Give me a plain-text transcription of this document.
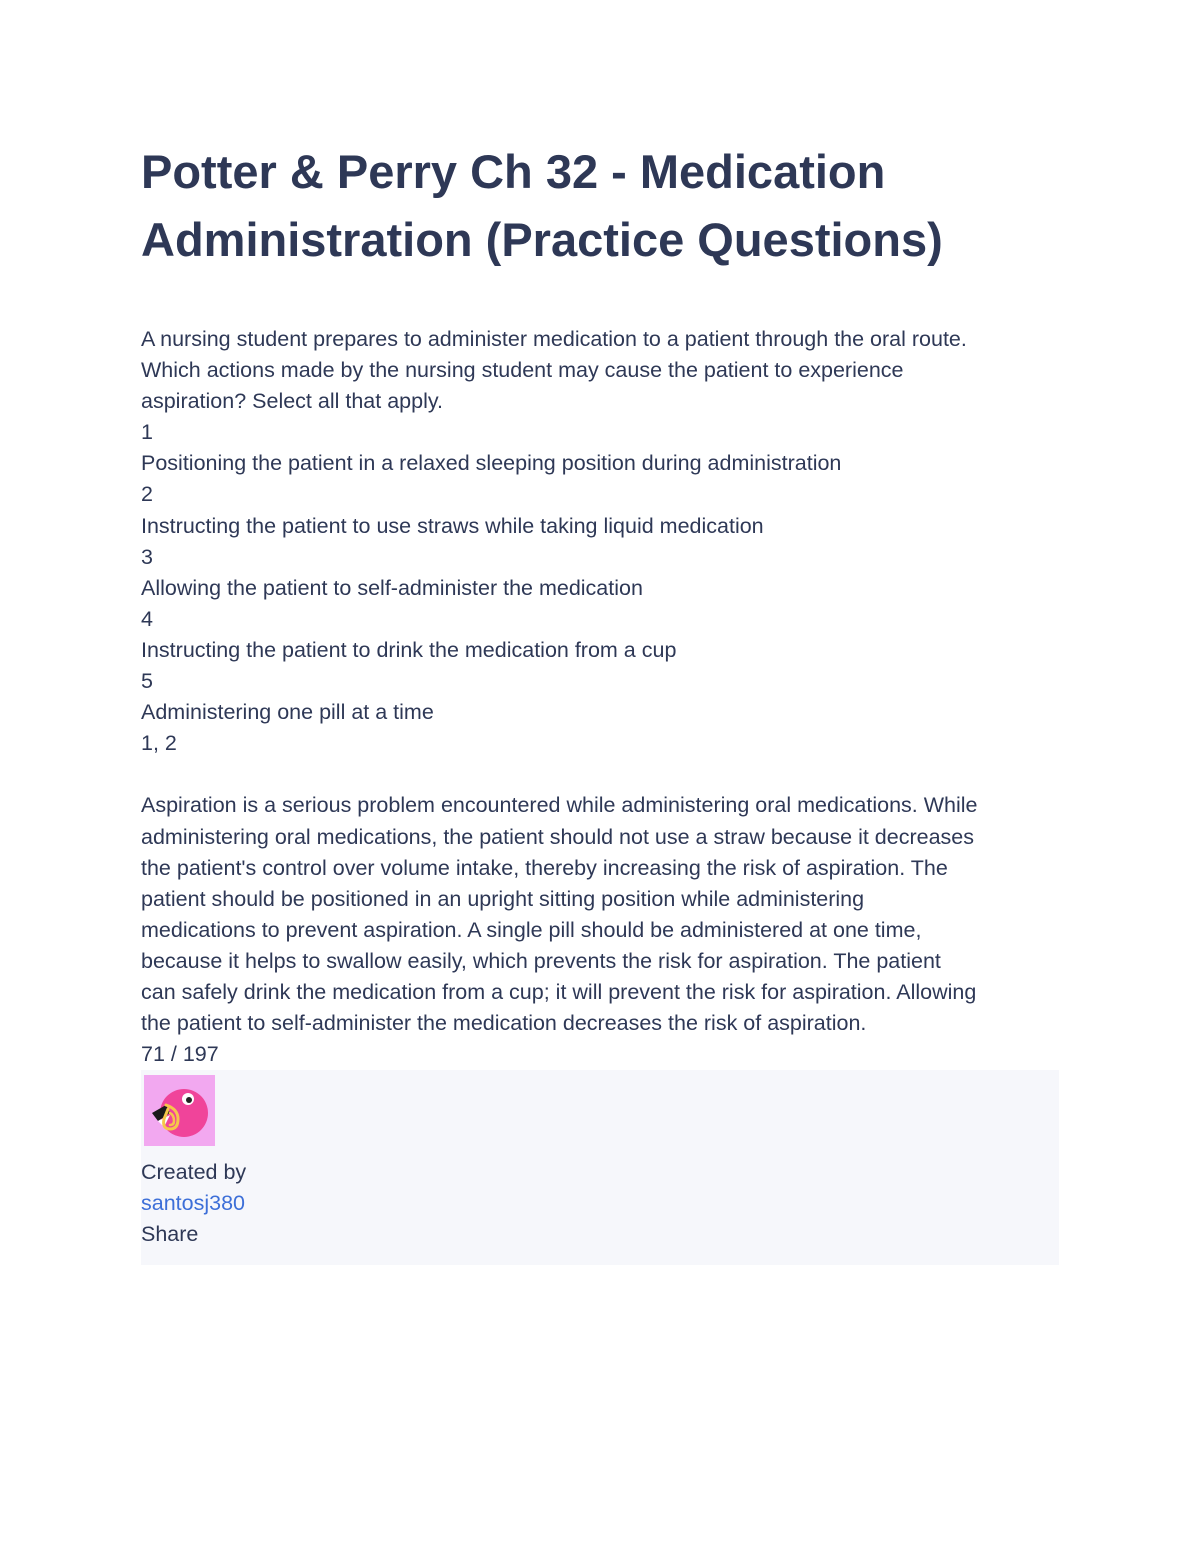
Potter & Perry Ch 32 - Medication
Administration (Practice Questions)
A nursing student prepares to administer medication to a patient through the oral route.
Which actions made by the nursing student may cause the patient to experience
aspiration? Select all that apply.
1
Positioning the patient in a relaxed sleeping position during administration
2
Instructing the patient to use straws while taking liquid medication
3
Allowing the patient to self-administer the medication
4
Instructing the patient to drink the medication from a cup
5
Administering one pill at a time
1, 2
Aspiration is a serious problem encountered while administering oral medications. While
administering oral medications, the patient should not use a straw because it decreases
the patient's control over volume intake, thereby increasing the risk of aspiration. The
patient should be positioned in an upright sitting position while administering
medications to prevent aspiration. A single pill should be administered at one time,
because it helps to swallow easily, which prevents the risk for aspiration. The patient
can safely drink the medication from a cup; it will prevent the risk for aspiration. Allowing
the patient to self-administer the medication decreases the risk of aspiration.
71 / 197
Created by
santosj380
Share
